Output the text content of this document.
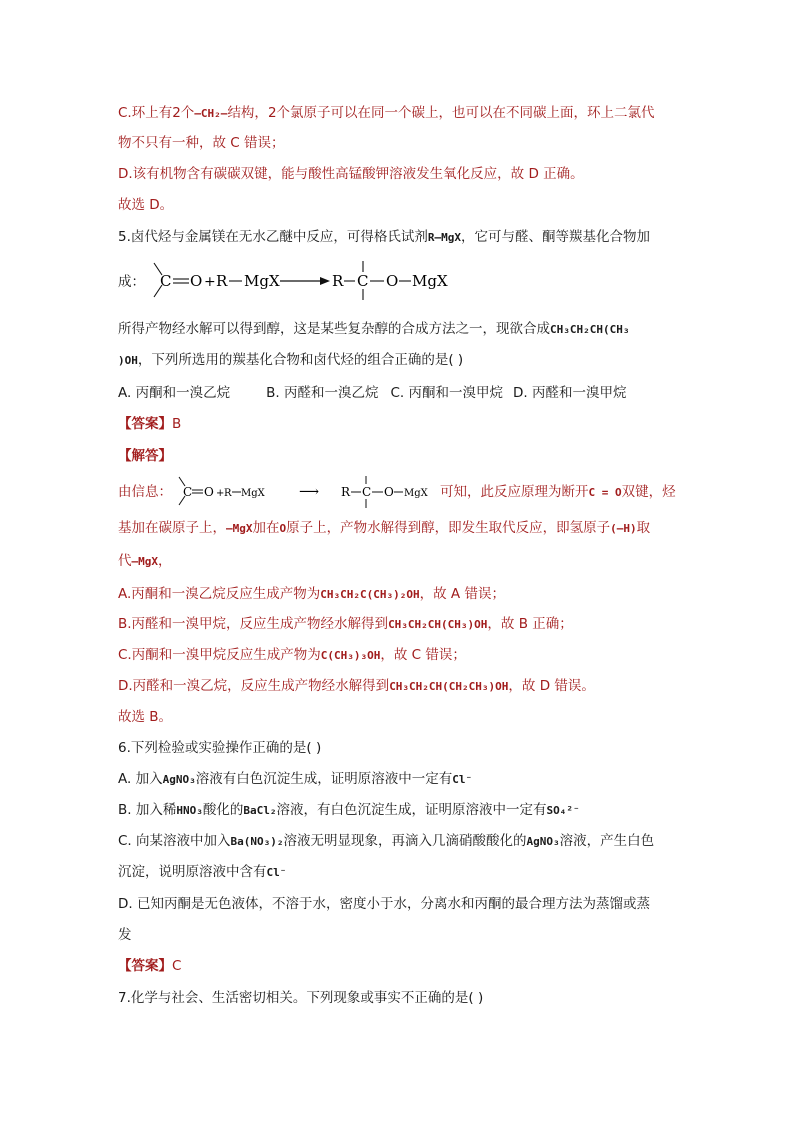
C.环上有2个–CH₂–结构，2个氯原子可以在同一个碳上，也可以在不同碳上面，环上二氯代
物不只有一种，故 C 错误；
D.该有机物含有碳碳双键，能与酸性高锰酸钾溶液发生氧化反应，故 D 正确。
故选 D。
5.卤代烃与金属镁在无水乙醚中反应，可得格氏试剂R–MgX，它可与醛、酮等羰基化合物加
成： C O + R MgX	R C O MgX
所得产物经水解可以得到醇，这是某些复杂醇的合成方法之一，现欲合成CH₃CH₂CH(CH₃
)OH，下列所选用的羰基化合物和卤代烃的组合正确的是( )
A. 丙酮和一溴乙烷	B. 丙醛和一溴乙烷 C. 丙酮和一溴甲烷 D. 丙醛和一溴甲烷
【答案】B
【解答】
由信息： C O + R MgX ⟶ R C O MgX 可知，此反应原理为断开C = O双键，烃
基加在碳原子上，–MgX加在O原子上，产物水解得到醇，即发生取代反应，即氢原子(–H)取
代–MgX，
A.丙酮和一溴乙烷反应生成产物为CH₃CH₂C(CH₃)₂OH，故 A 错误；
B.丙醛和一溴甲烷，反应生成产物经水解得到CH₃CH₂CH(CH₃)OH，故 B 正确；
C.丙酮和一溴甲烷反应生成产物为C(CH₃)₃OH，故 C 错误；
D.丙醛和一溴乙烷，反应生成产物经水解得到CH₃CH₂CH(CH₂CH₃)OH，故 D 错误。
故选 B。
6.下列检验或实验操作正确的是( )
A. 加入AgNO₃溶液有白色沉淀生成，证明原溶液中一定有Cl⁻
B. 加入稀HNO₃酸化的BaCl₂溶液，有白色沉淀生成，证明原溶液中一定有SO₄²⁻
C. 向某溶液中加入Ba(NO₃)₂溶液无明显现象，再滴入几滴硝酸酸化的AgNO₃溶液，产生白色
沉淀，说明原溶液中含有Cl⁻
D. 已知丙酮是无色液体，不溶于水，密度小于水，分离水和丙酮的最合理方法为蒸馏或蒸
发
【答案】C
7.化学与社会、生活密切相关。下列现象或事实不正确的是( )
